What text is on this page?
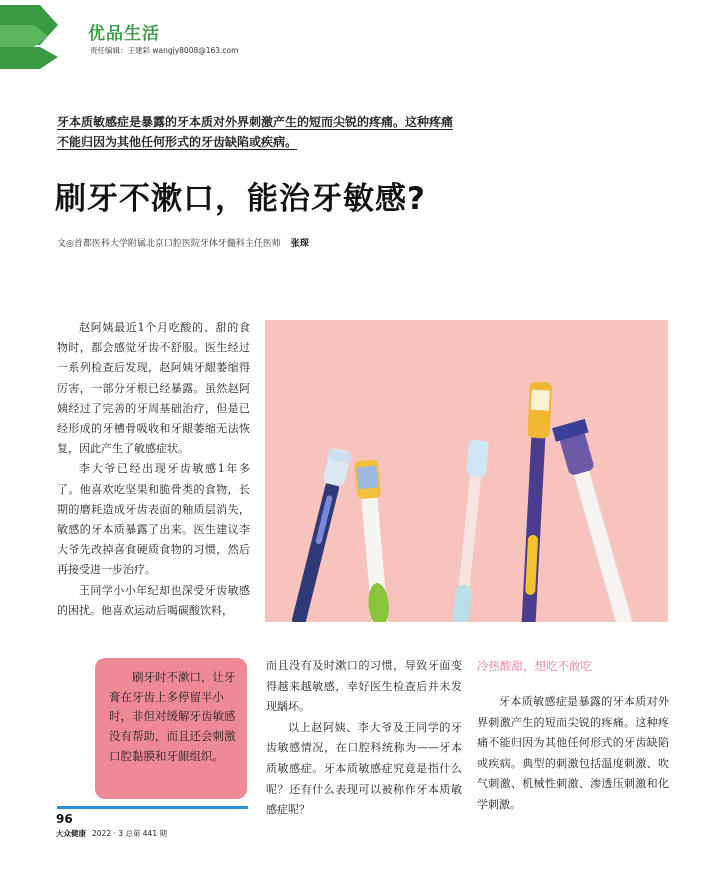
优品生活
责任编辑：王建彩 wangjy8008@163.com
牙本质敏感症是暴露的牙本质对外界刺激产生的短而尖锐的疼痛。这种疼痛
不能归因为其他任何形式的牙齿缺陷或疾病。
刷牙不漱口，能治牙敏感?
文◎首都医科大学附属北京口腔医院牙体牙髓科主任医师 张琛

赵阿姨最近1个月吃酸的、甜的食物时，都会感觉牙齿不舒服。医生经过一系列检查后发现，赵阿姨牙龈萎缩得厉害，一部分牙根已经暴露。虽然赵阿姨经过了完善的牙周基础治疗，但是已经形成的牙槽骨吸收和牙龈萎缩无法恢复，因此产生了敏感症状。

李大爷已经出现牙齿敏感1年多了。他喜欢吃坚果和脆骨类的食物，长期的磨耗造成牙齿表面的釉质层消失，敏感的牙本质暴露了出来。医生建议李大爷先改掉喜食硬质食物的习惯，然后再接受进一步治疗。

王同学小小年纪却也深受牙齿敏感的困扰。他喜欢运动后喝碳酸饮料，

刷牙时不漱口，让牙膏在牙齿上多停留半小时，非但对缓解牙齿敏感没有帮助，而且还会刺激口腔黏膜和牙龈组织。

而且没有及时漱口的习惯，导致牙面变得越来越敏感，幸好医生检查后并未发现龋坏。

以上赵阿姨、李大爷及王同学的牙齿敏感情况，在口腔科统称为——牙本质敏感症。牙本质敏感症究竟是指什么呢？还有什么表现可以被称作牙本质敏感症呢？

冷热酸甜，想吃不敢吃
牙本质敏感症是暴露的牙本质对外界刺激产生的短而尖锐的疼痛。这种疼痛不能归因为其他任何形式的牙齿缺陷或疾病。典型的刺激包括温度刺激、吹气刺激、机械性刺激、渗透压刺激和化学刺激。
96
大众健康 2022 · 3 总第 441 期
